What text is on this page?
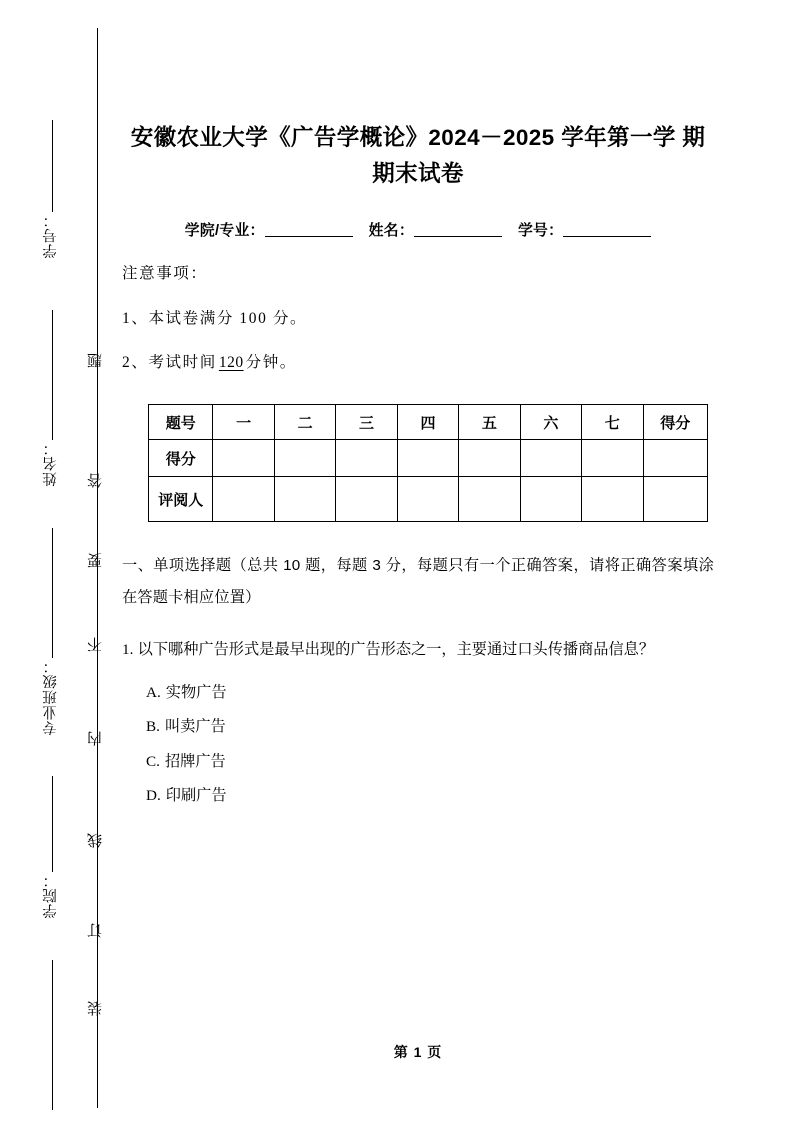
学号：
姓名：
专业班级：
学院：
题
答
要
不
内
线
订
装
安徽农业大学《广告学概论》2024－2025 学年第一学 期期末试卷
学院/专业：	姓名：	学号：
注意事项：
1、本试卷满分 100 分。
2、考试时间 120 分钟。
题号	一	二	三	四	五	六	七	得分
得分								
评阅人								
一、单项选择题（总共 10 题，每题 3 分，每题只有一个正确答案，请将正确答案填涂在答题卡相应位置）
1. 以下哪种广告形式是最早出现的广告形态之一，主要通过口头传播商品信息？
A. 实物广告
B. 叫卖广告
C. 招牌广告
D. 印刷广告
第 1 页
